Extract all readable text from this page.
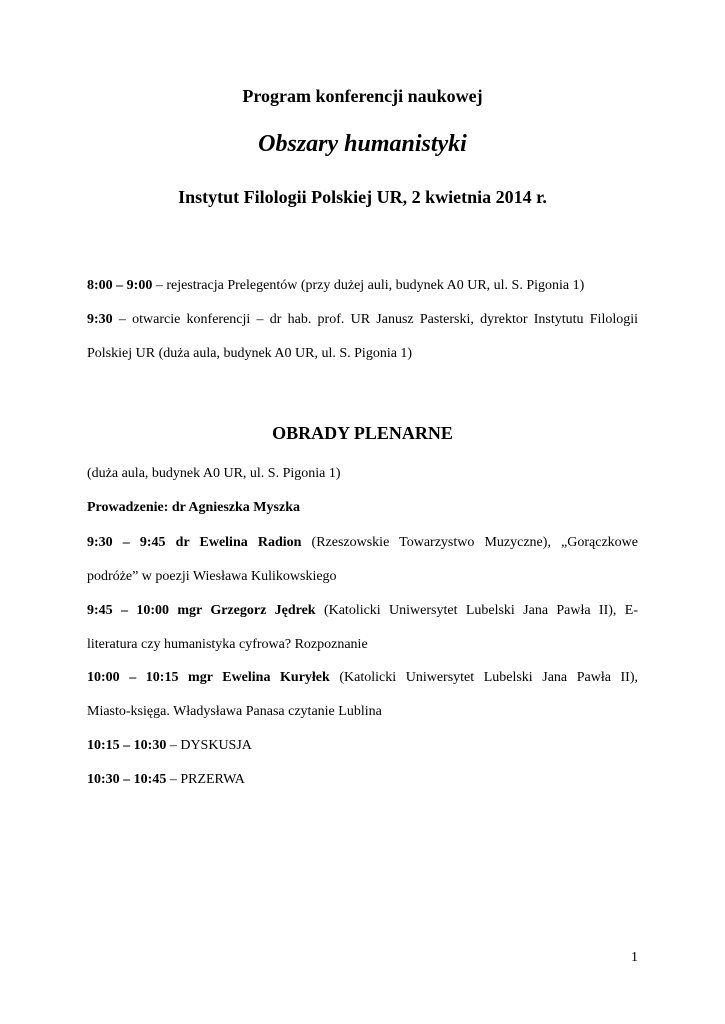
Program konferencji naukowej
Obszary humanistyki
Instytut Filologii Polskiej UR, 2 kwietnia 2014 r.
8:00 – 9:00 – rejestracja Prelegentów (przy dużej auli, budynek A0 UR, ul. S. Pigonia 1)
9:30 – otwarcie konferencji – dr hab. prof. UR Janusz Pasterski, dyrektor Instytutu Filologii
Polskiej UR (duża aula, budynek A0 UR, ul. S. Pigonia 1)
OBRADY PLENARNE
(duża aula, budynek A0 UR, ul. S. Pigonia 1)
Prowadzenie: dr Agnieszka Myszka
9:30 – 9:45 dr Ewelina Radion (Rzeszowskie Towarzystwo Muzyczne), „Gorączkowe
podróże” w poezji Wiesława Kulikowskiego
9:45 – 10:00 mgr Grzegorz Jędrek (Katolicki Uniwersytet Lubelski Jana Pawła II), E-
literatura czy humanistyka cyfrowa? Rozpoznanie
10:00 – 10:15 mgr Ewelina Kuryłek (Katolicki Uniwersytet Lubelski Jana Pawła II),
Miasto-księga. Władysława Panasa czytanie Lublina
10:15 – 10:30 – DYSKUSJA
10:30 – 10:45 – PRZERWA
1
